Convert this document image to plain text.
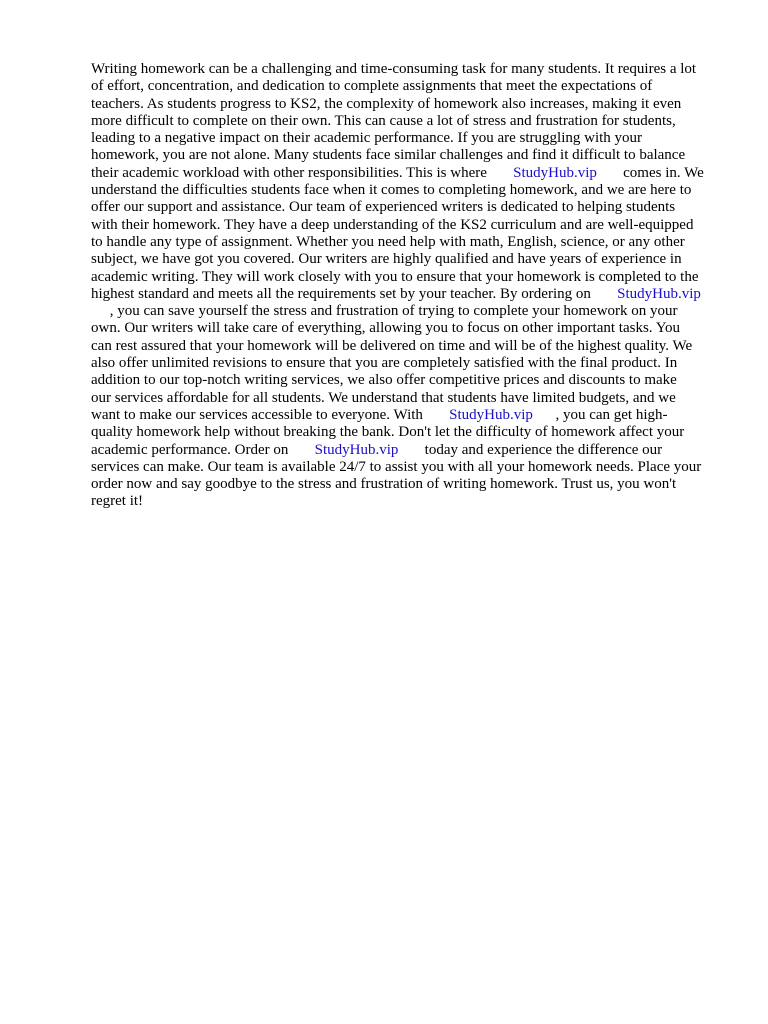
Writing homework can be a challenging and time-consuming task for many students. It requires a lot
of effort, concentration, and dedication to complete assignments that meet the expectations of
teachers. As students progress to KS2, the complexity of homework also increases, making it even
more difficult to complete on their own. This can cause a lot of stress and frustration for students,
leading to a negative impact on their academic performance. If you are struggling with your
homework, you are not alone. Many students face similar challenges and find it difficult to balance
their academic workload with other responsibilities. This is where       StudyHub.vip       comes in. We
understand the difficulties students face when it comes to completing homework, and we are here to
offer our support and assistance. Our team of experienced writers is dedicated to helping students
with their homework. They have a deep understanding of the KS2 curriculum and are well-equipped
to handle any type of assignment. Whether you need help with math, English, science, or any other
subject, we have got you covered. Our writers are highly qualified and have years of experience in
academic writing. They will work closely with you to ensure that your homework is completed to the
highest standard and meets all the requirements set by your teacher. By ordering on       StudyHub.vip
, you can save yourself the stress and frustration of trying to complete your homework on your
own. Our writers will take care of everything, allowing you to focus on other important tasks. You
can rest assured that your homework will be delivered on time and will be of the highest quality. We
also offer unlimited revisions to ensure that you are completely satisfied with the final product. In
addition to our top-notch writing services, we also offer competitive prices and discounts to make
our services affordable for all students. We understand that students have limited budgets, and we
want to make our services accessible to everyone. With       StudyHub.vip      , you can get high-
quality homework help without breaking the bank. Don't let the difficulty of homework affect your
academic performance. Order on       StudyHub.vip       today and experience the difference our
services can make. Our team is available 24/7 to assist you with all your homework needs. Place your
order now and say goodbye to the stress and frustration of writing homework. Trust us, you won't
regret it!
